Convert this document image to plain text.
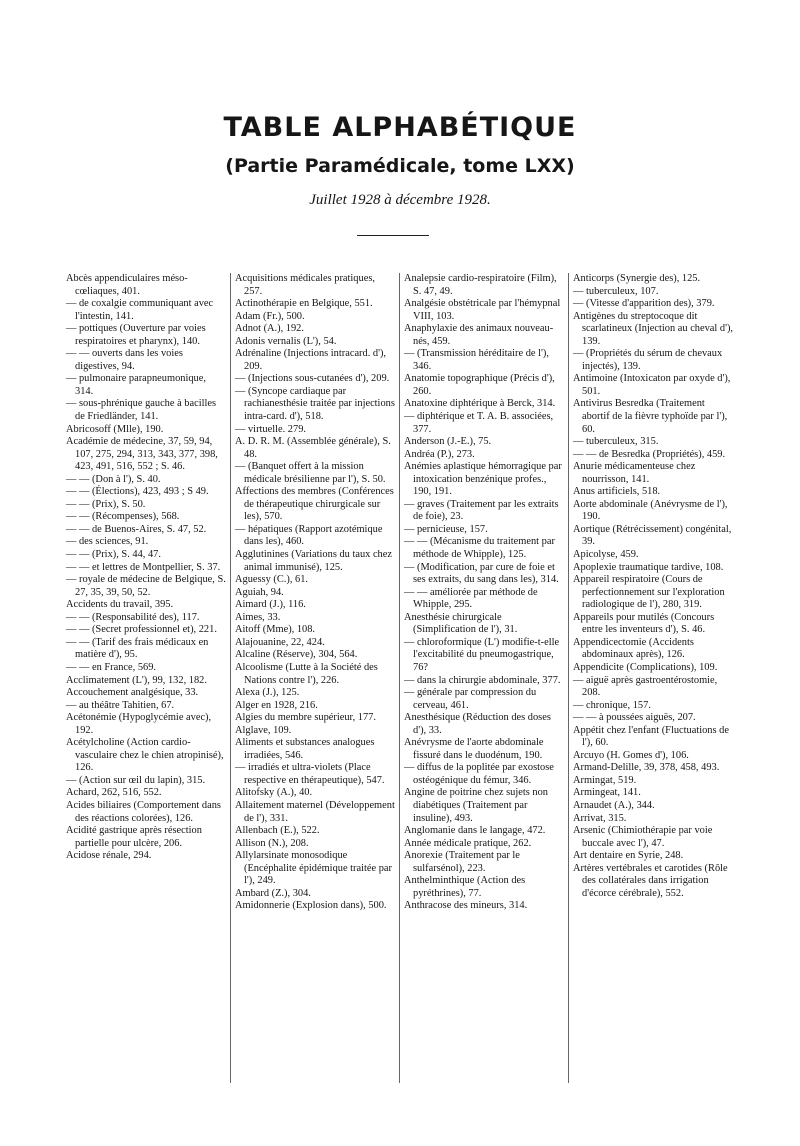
TABLE ALPHABÉTIQUE
(Partie Paramédicale, tome LXX)

Juillet 1928 à décembre 1928.

Abcès appendiculaires méso-cœliaques, 401.

— de coxalgie communiquant avec l'intestin, 141.

— pottiques (Ouverture par voies respiratoires et pharynx), 140.

— — ouverts dans les voies digestives, 94.

— pulmonaire parapneumonique, 314.

— sous-phrénique gauche à bacilles de Friedländer, 141.

Abricosoff (Mlle), 190.

Académie de médecine, 37, 59, 94, 107, 275, 294, 313, 343, 377, 398, 423, 491, 516, 552 ; S. 46.

— — (Don à l'), S. 40.

— — (Élections), 423, 493 ; S 49.

— — (Prix), S. 50.

— — (Récompenses), 568.

— — de Buenos-Aires, S. 47, 52.

— des sciences, 91.

— — (Prix), S. 44, 47.

— — et lettres de Montpellier, S. 37.

— royale de médecine de Belgique, S. 27, 35, 39, 50, 52.

Accidents du travail, 395.

— — (Responsabilité des), 117.

— — (Secret professionnel et), 221.

— — (Tarif des frais médicaux en matière d'), 95.

— — en France, 569.

Acclimatement (L'), 99, 132, 182.

Accouchement analgésique, 33.

— au théâtre Tahitien, 67.

Acétonémie (Hypoglycémie avec), 192.

Acétylcholine (Action cardio-vasculaire chez le chien atropinisé), 126.

— (Action sur œil du lapin), 315.

Achard, 262, 516, 552.

Acides biliaires (Comportement dans des réactions colorées), 126.

Acidité gastrique après résection partielle pour ulcère, 206.

Acidose rénale, 294.

Acquisitions médicales pratiques, 257.

Actinothérapie en Belgique, 551.

Adam (Fr.), 500.

Adnot (A.), 192.

Adonis vernalis (L'), 54.

Adrénaline (Injections intracard. d'), 209.

— (Injections sous-cutanées d'), 209.

— (Syncope cardiaque par rachianesthésie traitée par injections intra-card. d'), 518.

— virtuelle. 279.

A. D. R. M. (Assemblée générale), S. 48.

— (Banquet offert à la mission médicale brésilienne par l'), S. 50.

Affections des membres (Conférences de thérapeutique chirurgicale sur les), 570.

— hépatiques (Rapport azotémique dans les), 460.

Agglutinines (Variations du taux chez animal immunisé), 125.

Aguessy (C.), 61.

Aguiah, 94.

Aimard (J.), 116.

Aimes, 33.

Aitoff (Mme), 108.

Alajouanine, 22, 424.

Alcaline (Réserve), 304, 564.

Alcoolisme (Lutte à la Société des Nations contre l'), 226.

Alexa (J.), 125.

Alger en 1928, 216.

Algies du membre supérieur, 177.

Alglave, 109.

Aliments et substances analogues irradiées, 546.

— irradiés et ultra-violets (Place respective en thérapeutique), 547.

Alitofsky (A.), 40.

Allaitement maternel (Développement de l'), 331.

Allenbach (E.), 522.

Allison (N.), 208.

Allylarsinate monosodique (Encéphalite épidémique traitée par l'), 249.

Ambard (Z.), 304.

Amidonnerie (Explosion dans), 500.

Analepsie cardio-respiratoire (Film), S. 47, 49.

Analgésie obstétricale par l'hémypnal VIII, 103.

Anaphylaxie des animaux nouveau-nés, 459.

— (Transmission héréditaire de l'), 346.

Anatomie topographique (Précis d'), 260.

Anatoxine diphtérique à Berck, 314.

— diphtérique et T. A. B. associées, 377.

Anderson (J.-E.), 75.

Andréa (P.), 273.

Anémies aplastique hémorragique par intoxication benzénique profes., 190, 191.

— graves (Traitement par les extraits de foie), 23.

— pernicieuse, 157.

— — (Mécanisme du traitement par méthode de Whipple), 125.

— (Modification, par cure de foie et ses extraits, du sang dans les), 314.

— — améliorée par méthode de Whipple, 295.

Anesthésie chirurgicale (Simplification de l'), 31.

— chloroformique (L') modifie-t-elle l'excitabilité du pneumogastrique, 76?

— dans la chirurgie abdominale, 377.

— générale par compression du cerveau, 461.

Anesthésique (Réduction des doses d'), 33.

Anévrysme de l'aorte abdominale fissuré dans le duodénum, 190.

— diffus de la poplitée par exostose ostéogénique du fémur, 346.

Angine de poitrine chez sujets non diabétiques (Traitement par insuline), 493.

Anglomanie dans le langage, 472.

Année médicale pratique, 262.

Anorexie (Traitement par le sulfarsénol), 223.

Anthelminthique (Action des pyréthrines), 77.

Anthracose des mineurs, 314.

Anticorps (Synergie des), 125.

— tuberculeux, 107.

— (Vitesse d'apparition des), 379.

Antigènes du streptocoque dit scarlatineux (Injection au cheval d'), 139.

— (Propriétés du sérum de chevaux injectés), 139.

Antimoine (Intoxicaton par oxyde d'), 501.

Antivirus Besredka (Traitement abortif de la fièvre typhoïde par l'), 60.

— tuberculeux, 315.

— — de Besredka (Propriétés), 459.

Anurie médicamenteuse chez nourrisson, 141.

Anus artificiels, 518.

Aorte abdominale (Anévrysme de l'), 190.

Aortique (Rétrécissement) congénital, 39.

Apicolyse, 459.

Apoplexie traumatique tardive, 108.

Appareil respiratoire (Cours de perfectionnement sur l'exploration radiologique de l'), 280, 319.

Appareils pour mutilés (Concours entre les inventeurs d'), S. 46.

Appendicectomie (Accidents abdominaux après), 126.

Appendicite (Complications), 109.

— aiguë après gastroentérostomie, 208.

— chronique, 157.

— — à poussées aiguës, 207.

Appétit chez l'enfant (Fluctuations de l'), 60.

Arcuyo (H. Gomes d'), 106.

Armand-Delille, 39, 378, 458, 493.

Armingat, 519.

Armingeat, 141.

Arnaudet (A.), 344.

Arrivat, 315.

Arsenic (Chimiothérapie par voie buccale avec l'), 47.

Art dentaire en Syrie, 248.

Artères vertébrales et carotides (Rôle des collatérales dans irrigation d'écorce cérébrale), 552.
